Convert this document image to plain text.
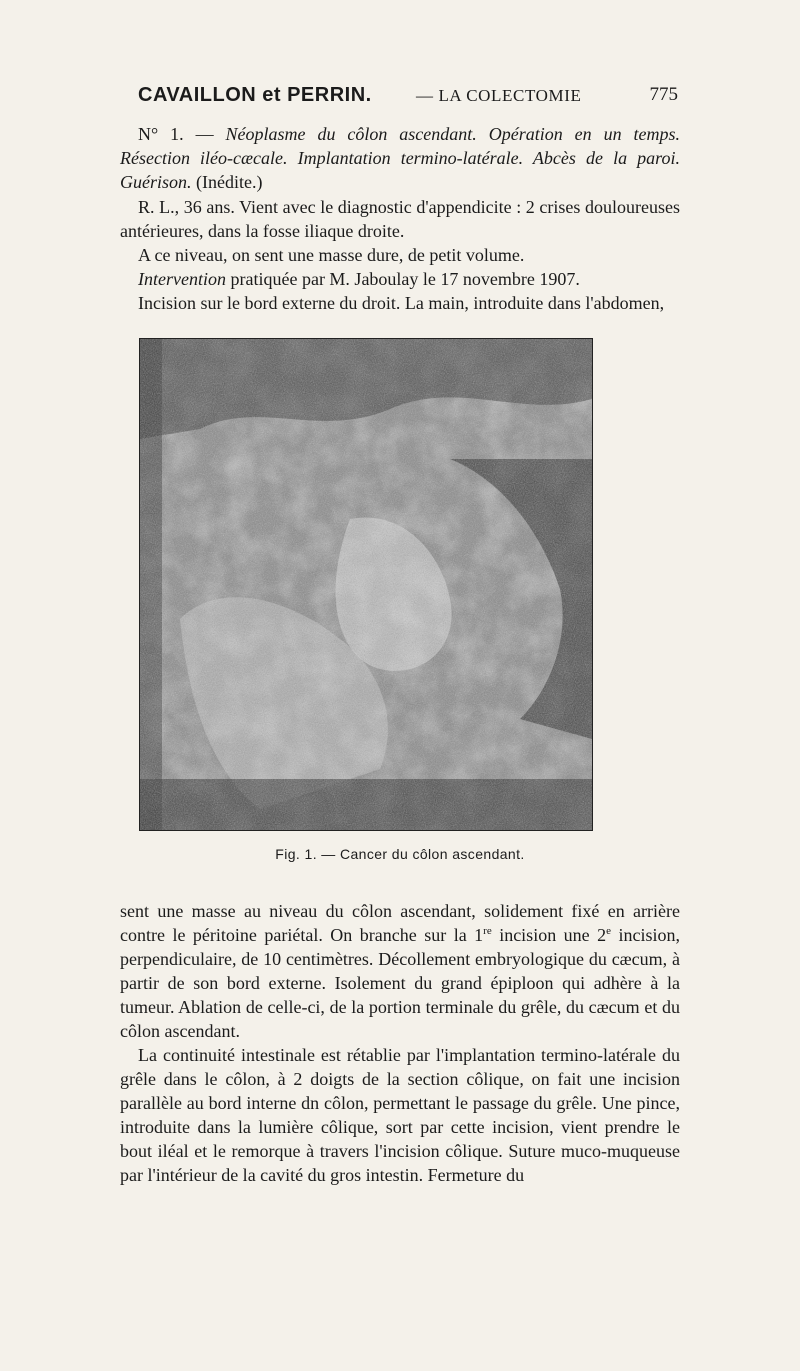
CAVAILLON et PERRIN.	— LA COLECTOMIE	775

N° 1. — Néoplasme du côlon ascendant. Opération en un temps. Résection iléo-cæcale. Implantation termino-latérale. Abcès de la paroi. Guérison. (Inédite.)

R. L., 36 ans. Vient avec le diagnostic d'appendicite : 2 crises douloureuses antérieures, dans la fosse iliaque droite.

A ce niveau, on sent une masse dure, de petit volume.

Intervention pratiquée par M. Jaboulay le 17 novembre 1907.

Incision sur le bord externe du droit. La main, introduite dans l'abdomen,

Fig. 1. — Cancer du côlon ascendant.

sent une masse au niveau du côlon ascendant, solidement fixé en arrière contre le péritoine pariétal. On branche sur la 1re incision une 2e incision, perpendiculaire, de 10 centimètres. Décollement embryologique du cæcum, à partir de son bord externe. Isolement du grand épiploon qui adhère à la tumeur. Ablation de celle-ci, de la portion terminale du grêle, du cæcum et du côlon ascendant.

La continuité intestinale est rétablie par l'implantation termino-latérale du grêle dans le côlon, à 2 doigts de la section côlique, on fait une incision parallèle au bord interne dn côlon, permettant le passage du grêle. Une pince, introduite dans la lumière côlique, sort par cette incision, vient prendre le bout iléal et le remorque à travers l'incision côlique. Suture muco-muqueuse par l'intérieur de la cavité du gros intestin. Fermeture du
